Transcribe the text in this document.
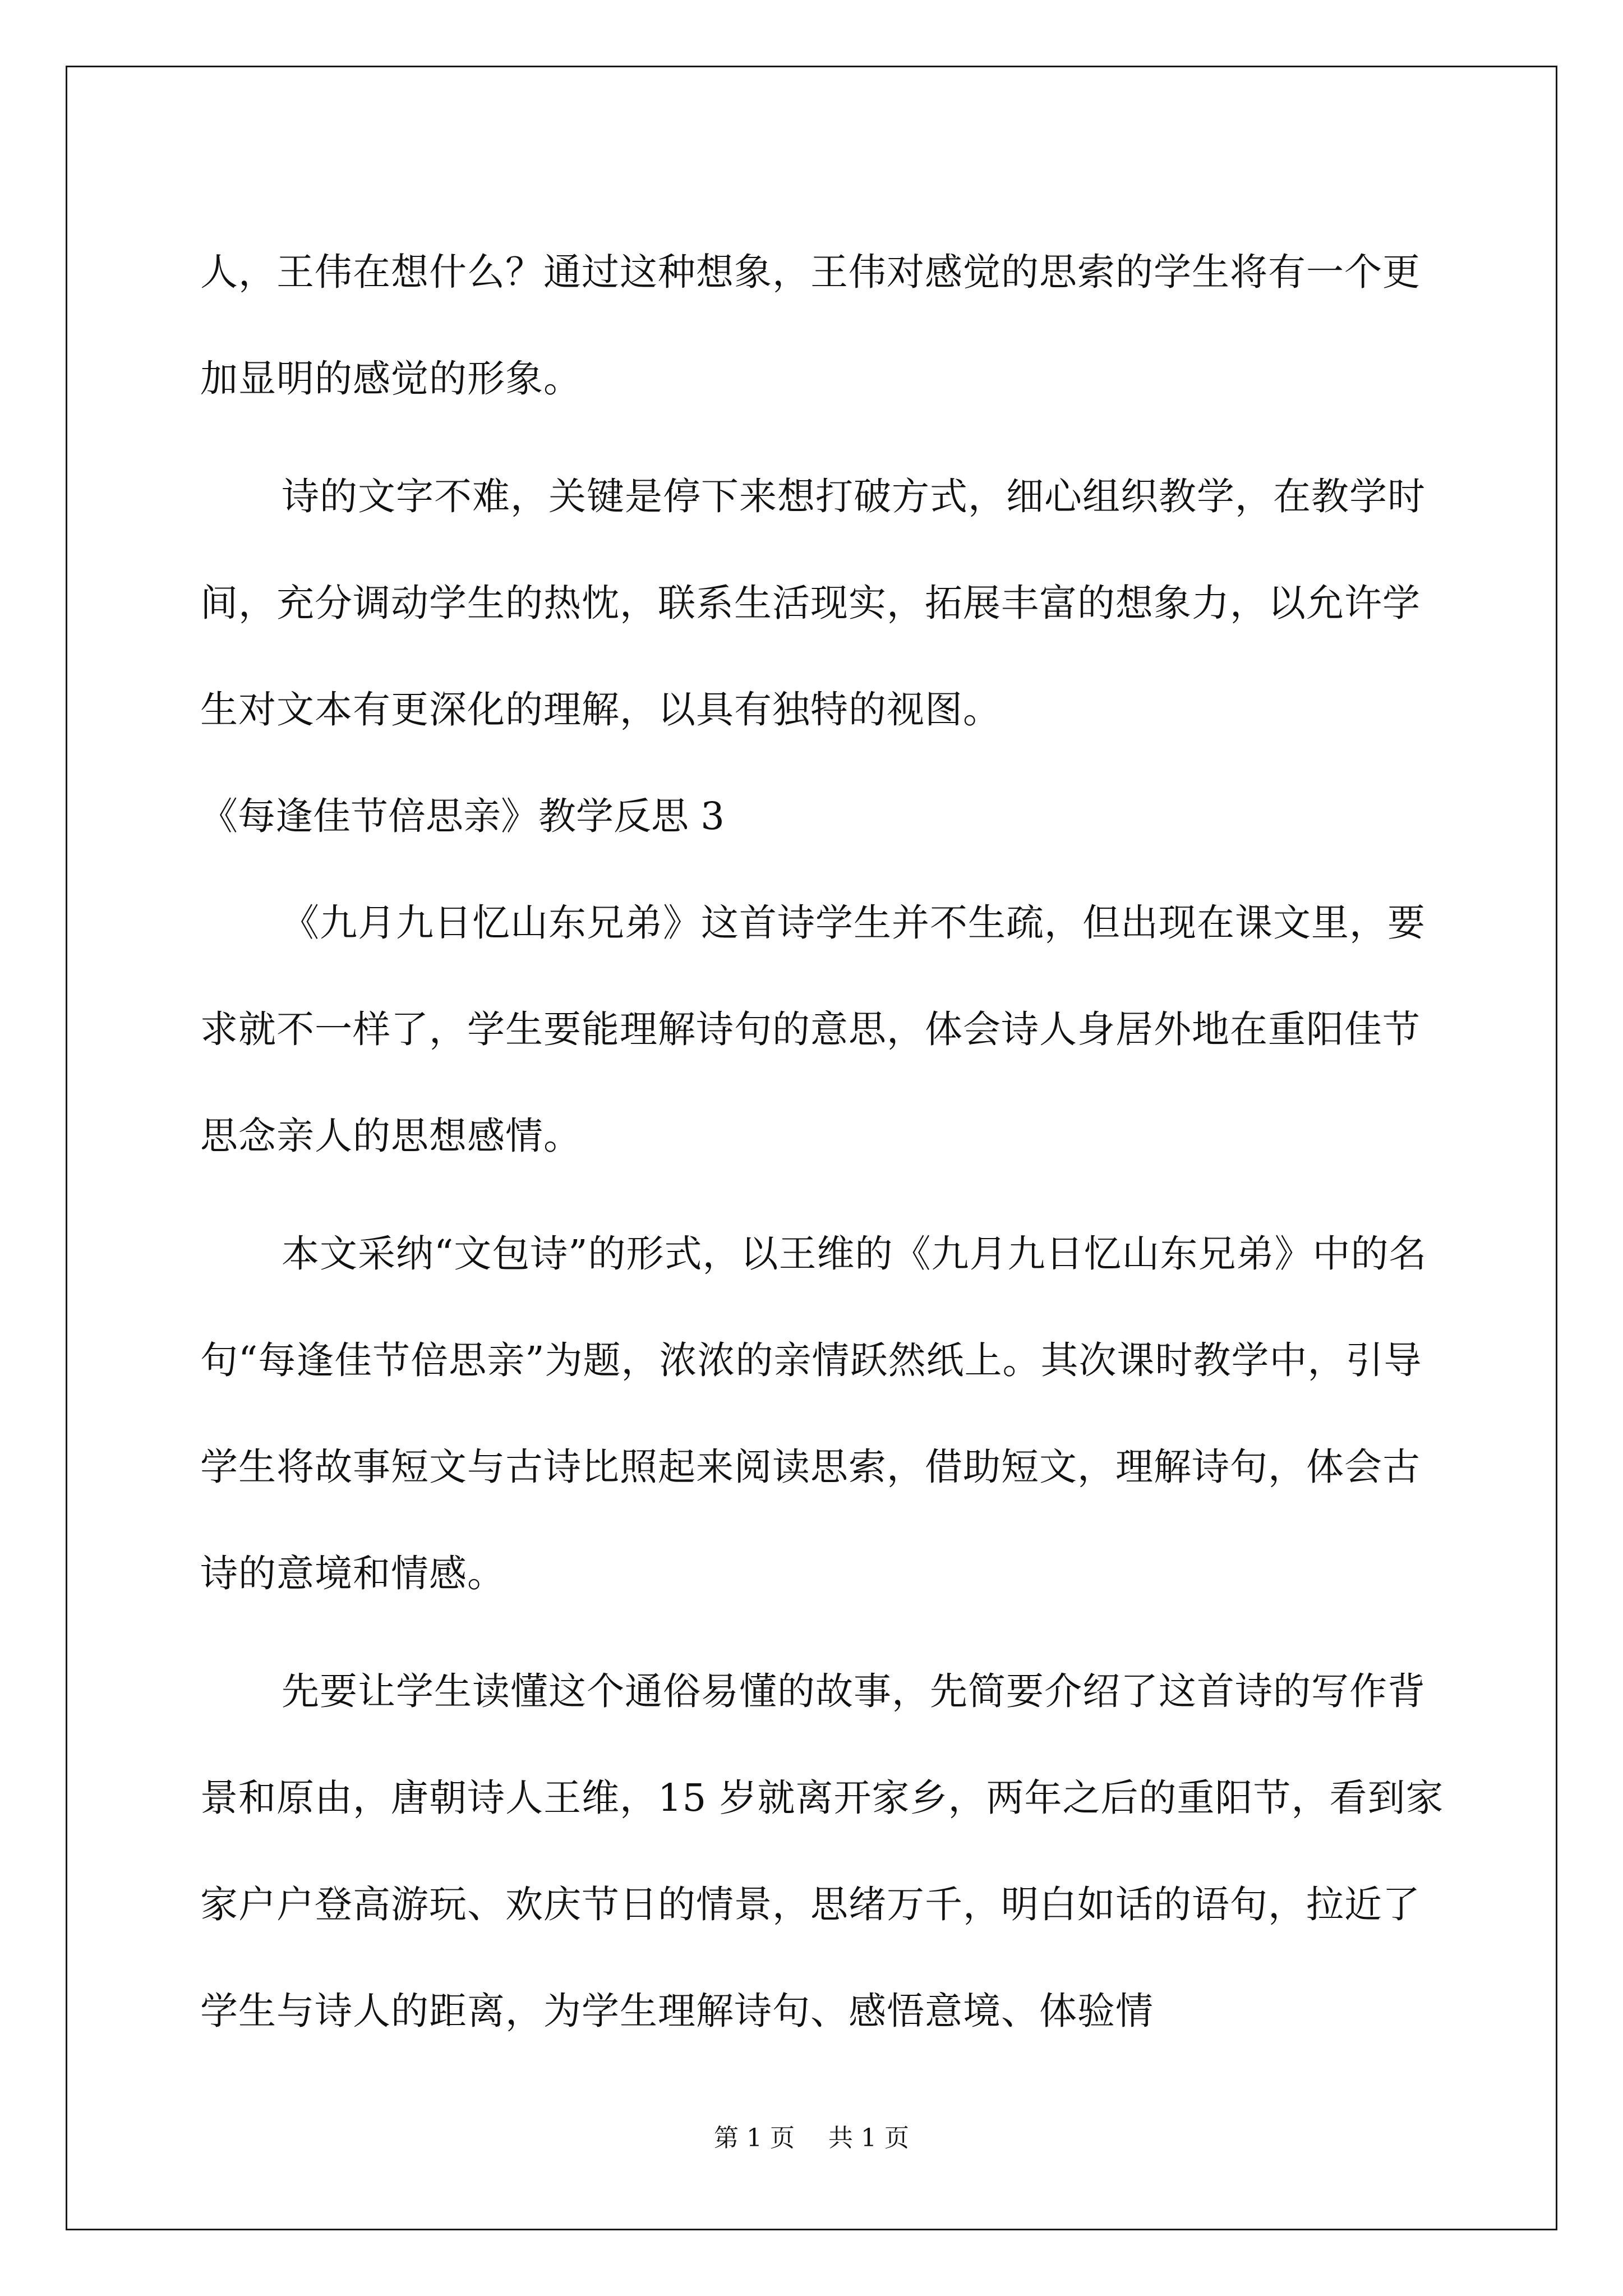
人，王伟在想什么？通过这种想象，王伟对感觉的思索的学生将有一个更加显明的感觉的形象。

诗的文字不难，关键是停下来想打破方式，细心组织教学，在教学时间，充分调动学生的热忱，联系生活现实，拓展丰富的想象力，以允许学生对文本有更深化的理解，以具有独特的视图。

《每逢佳节倍思亲》教学反思 3

《九月九日忆山东兄弟》这首诗学生并不生疏，但出现在课文里，要求就不一样了，学生要能理解诗句的意思，体会诗人身居外地在重阳佳节思念亲人的思想感情。

本文采纳“文包诗”的形式，以王维的《九月九日忆山东兄弟》中的名句“每逢佳节倍思亲”为题，浓浓的亲情跃然纸上。其次课时教学中，引导学生将故事短文与古诗比照起来阅读思索，借助短文，理解诗句，体会古诗的意境和情感。

先要让学生读懂这个通俗易懂的故事，先简要介绍了这首诗的写作背景和原由，唐朝诗人王维，15 岁就离开家乡，两年之后的重阳节，看到家家户户登高游玩、欢庆节日的情景，思绪万千，明白如话的语句，拉近了学生与诗人的距离，为学生理解诗句、感悟意境、体验情

第 1 页 共 1 页
